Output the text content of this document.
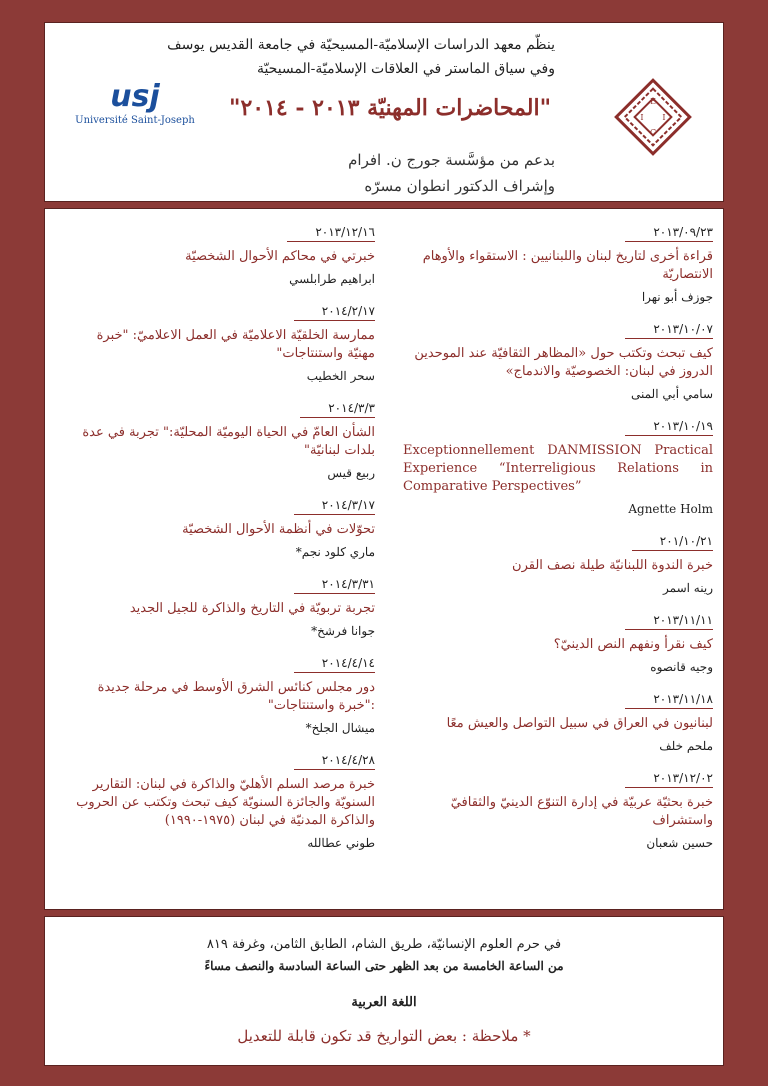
usj
Université Saint-Joseph
ينظّم معهد الدراسات الإسلاميّة-المسيحيّة في جامعة القديس يوسف
وفي سياق الماستر في العلاقات الإسلاميّة-المسيحيّة
"المحاضرات المهنيّة ٢٠١٣ - ٢٠١٤"
بدعم من مؤسَّسة جورج ن. افرام
وإشراف الدكتور انطوان مسرّه
E
I I
C
٢٠١٣/٠٩/٢٣
قراءة أخرى لتاريخ لبنان واللبنانيين : الاستقواء والأوهام الانتصاريّة
جوزف أبو نهرا
٢٠١٣/١٠/٠٧
كيف تبحث وتكتب حول «المظاهر الثقافيّة عند الموحدين الدروز في لبنان: الخصوصيّة والاندماج»
سامي أبي المنى
٢٠١٣/١٠/١٩
Exceptionnellement DANMISSION Practical Experience “Interreligious Relations in Comparative Perspectives”
Agnette Holm
٢٠١/١٠/٢١
خبرة الندوة اللبنانيّة طيلة نصف القرن
رينه اسمر
٢٠١٣/١١/١١
كيف نقرأ ونفهم النص الدينيّ؟
وجيه قانصوه
٢٠١٣/١١/١٨
لبنانيون في العراق في سبيل التواصل والعيش معًا
ملحم خلف
٢٠١٣/١٢/٠٢
خبرة بحثيّة عربيّة في إدارة التنوّع الدينيّ والثقافيّ واستشراف
حسين شعبان
٢٠١٣/١٢/١٦
خبرتي في محاكم الأحوال الشخصيّة
ابراهيم طرابلسي
٢٠١٤/٢/١٧
ممارسة الخلقيّة الاعلاميّة في العمل الاعلاميّ: "خبرة مهنيّة واستنتاجات"
سحر الخطيب
٢٠١٤/٣/٣
الشأن العامّ في الحياة اليوميّة المحليّة:" تجربة في عدة بلدات لبنانيّة"
ربيع قيس
٢٠١٤/٣/١٧
تحوّلات في أنظمة الأحوال الشخصيّة
ماري كلود نجم*
٢٠١٤/٣/٣١
تجربة تربويّة في التاريخ والذاكرة للجيل الجديد
جوانا فرشخ*
٢٠١٤/٤/١٤
دور مجلس كنائس الشرق الأوسط في مرحلة جديدة :"خبرة واستنتاجات"
ميشال الجلخ*
٢٠١٤/٤/٢٨
خبرة مرصد السلم الأهليّ والذاكرة في لبنان: التقارير السنويّة والجائزة السنويّة كيف تبحث وتكتب عن الحروب والذاكرة المدنيّة في لبنان (١٩٧٥-١٩٩٠)
طوني عطالله
في حرم العلوم الإنسانيّة، طريق الشام، الطابق الثامن، وغرفة ٨١٩
من الساعة الخامسة من بعد الظهر حتى الساعة السادسة والنصف مساءً
اللغة العربية
* ملاحظة : بعض التواريخ قد تكون قابلة للتعديل
